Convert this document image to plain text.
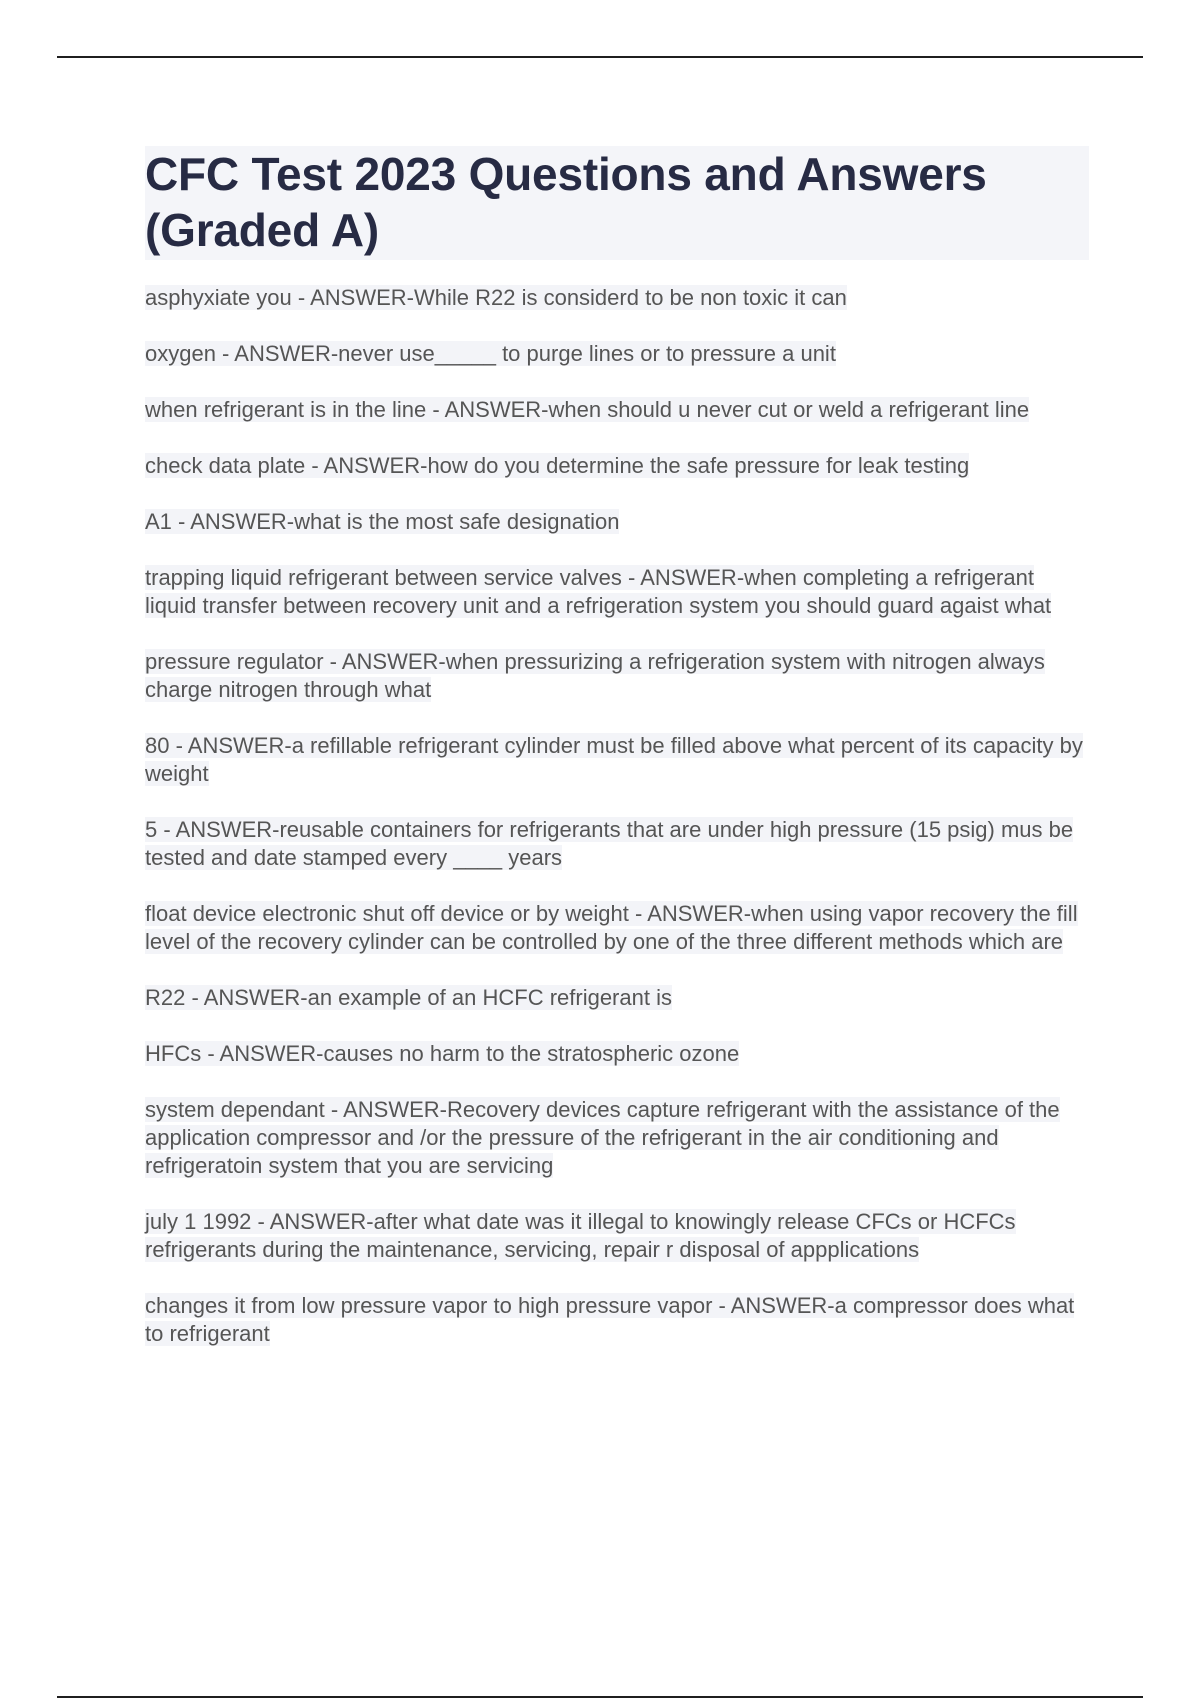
CFC Test 2023 Questions and Answers (Graded A)
asphyxiate you - ANSWER-While R22 is considerd to be non toxic it can
oxygen - ANSWER-never use_____ to purge lines or to pressure a unit
when refrigerant is in the line - ANSWER-when should u never cut or weld a refrigerant line
check data plate - ANSWER-how do you determine the safe pressure for leak testing
A1 - ANSWER-what is the most safe designation
trapping liquid refrigerant between service valves - ANSWER-when completing a refrigerant liquid transfer between recovery unit and a refrigeration system you should guard agaist what
pressure regulator - ANSWER-when pressurizing a refrigeration system with nitrogen always charge nitrogen through what
80 - ANSWER-a refillable refrigerant cylinder must be filled above what percent of its capacity by weight
5 - ANSWER-reusable containers for refrigerants that are under high pressure (15 psig) mus be tested and date stamped every ____ years
float device electronic shut off device or by weight - ANSWER-when using vapor recovery the fill level of the recovery cylinder can be controlled by one of the three different methods which are
R22 - ANSWER-an example of an HCFC refrigerant is
HFCs - ANSWER-causes no harm to the stratospheric ozone
system dependant - ANSWER-Recovery devices capture refrigerant with the assistance of the application compressor and /or the pressure of the refrigerant in the air conditioning and refrigeratoin system that you are servicing
july 1 1992 - ANSWER-after what date was it illegal to knowingly release CFCs or HCFCs refrigerants during the maintenance, servicing, repair r disposal of appplications
changes it from low pressure vapor to high pressure vapor - ANSWER-a compressor does what to refrigerant
